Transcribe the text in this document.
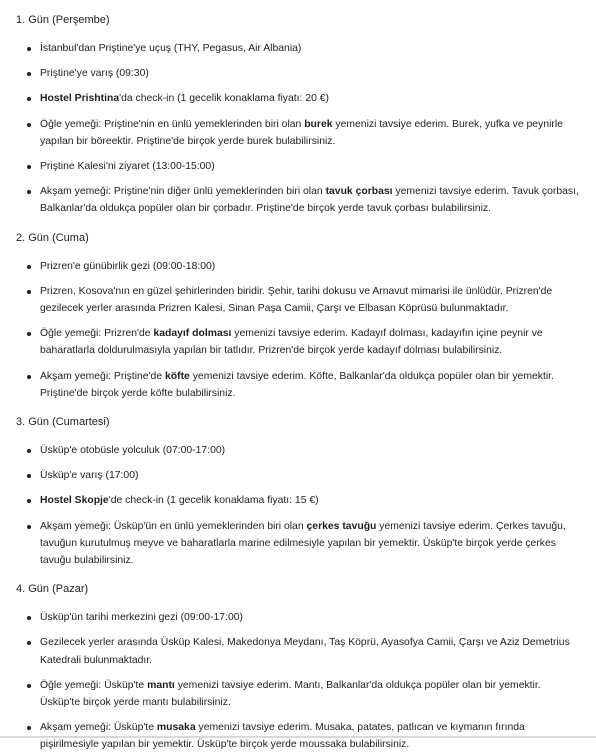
1. Gün (Perşembe)
İstanbul'dan Priştine'ye uçuş (THY, Pegasus, Air Albania)
Priştine'ye varış (09:30)
Hostel Prishtina'da check-in (1 gecelik konaklama fiyatı: 20 €)
Öğle yemeği: Priştine'nin en ünlü yemeklerinden biri olan burek yemenizi tavsiye ederim. Burek, yufka ve peynirle yapılan bir böreektir. Priştine'de birçok yerde burek bulabilirsiniz.
Priştine Kalesi'ni ziyaret (13:00-15:00)
Akşam yemeği: Priştine'nin diğer ünlü yemeklerinden biri olan tavuk çorbası yemenizi tavsiye ederim. Tavuk çorbası, Balkanlar'da oldukça popüler olan bir çorbadır. Priştine'de birçok yerde tavuk çorbası bulabilirsiniz.
2. Gün (Cuma)
Prizren'e günübirlik gezi (09:00-18:00)
Prizren, Kosova'nın en güzel şehirlerinden biridir. Şehir, tarihi dokusu ve Arnavut mimarisi ile ünlüdür. Prizren'de gezilecek yerler arasında Prizren Kalesi, Sinan Paşa Camii, Çarşı ve Elbasan Köprüsü bulunmaktadır.
Öğle yemeği: Prizren'de kadayıf dolması yemenizi tavsiye ederim. Kadayıf dolması, kadayıfın içine peynir ve baharatlarla doldurulmasıyla yapılan bir tatlıdır. Prizren'de birçok yerde kadayıf dolması bulabilirsiniz.
Akşam yemeği: Priştine'de köfte yemenizi tavsiye ederim. Köfte, Balkanlar'da oldukça popüler olan bir yemektir. Priştine'de birçok yerde köfte bulabilirsiniz.
3. Gün (Cumartesi)
Üsküp'e otobüsle yolculuk (07:00-17:00)
Üsküp'e varış (17:00)
Hostel Skopje'de check-in (1 gecelik konaklama fiyatı: 15 €)
Akşam yemeği: Üsküp'ün en ünlü yemeklerinden biri olan çerkes tavuğu yemenizi tavsiye ederim. Çerkes tavuğu, tavuğun kurutulmuş meyve ve baharatlarla marine edilmesiyle yapılan bir yemektir. Üsküp'te birçok yerde çerkes tavuğu bulabilirsiniz.
4. Gün (Pazar)
Üsküp'ün tarihi merkezini gezi (09:00-17:00)
Gezilecek yerler arasında Üsküp Kalesi, Makedonya Meydanı, Taş Köprü, Ayasofya Camii, Çarşı ve Aziz Demetrius Katedrali bulunmaktadır.
Öğle yemeği: Üsküp'te mantı yemenizi tavsiye ederim. Mantı, Balkanlar'da oldukça popüler olan bir yemektir. Üsküp'te birçok yerde mantı bulabilirsiniz.
Akşam yemeği: Üsküp'te musaka yemenizi tavsiye ederim. Musaka, patates, patlıcan ve kıymanın fırında pişirilmesiyle yapılan bir yemektir. Üsküp'te birçok yerde moussaka bulabilirsiniz.
